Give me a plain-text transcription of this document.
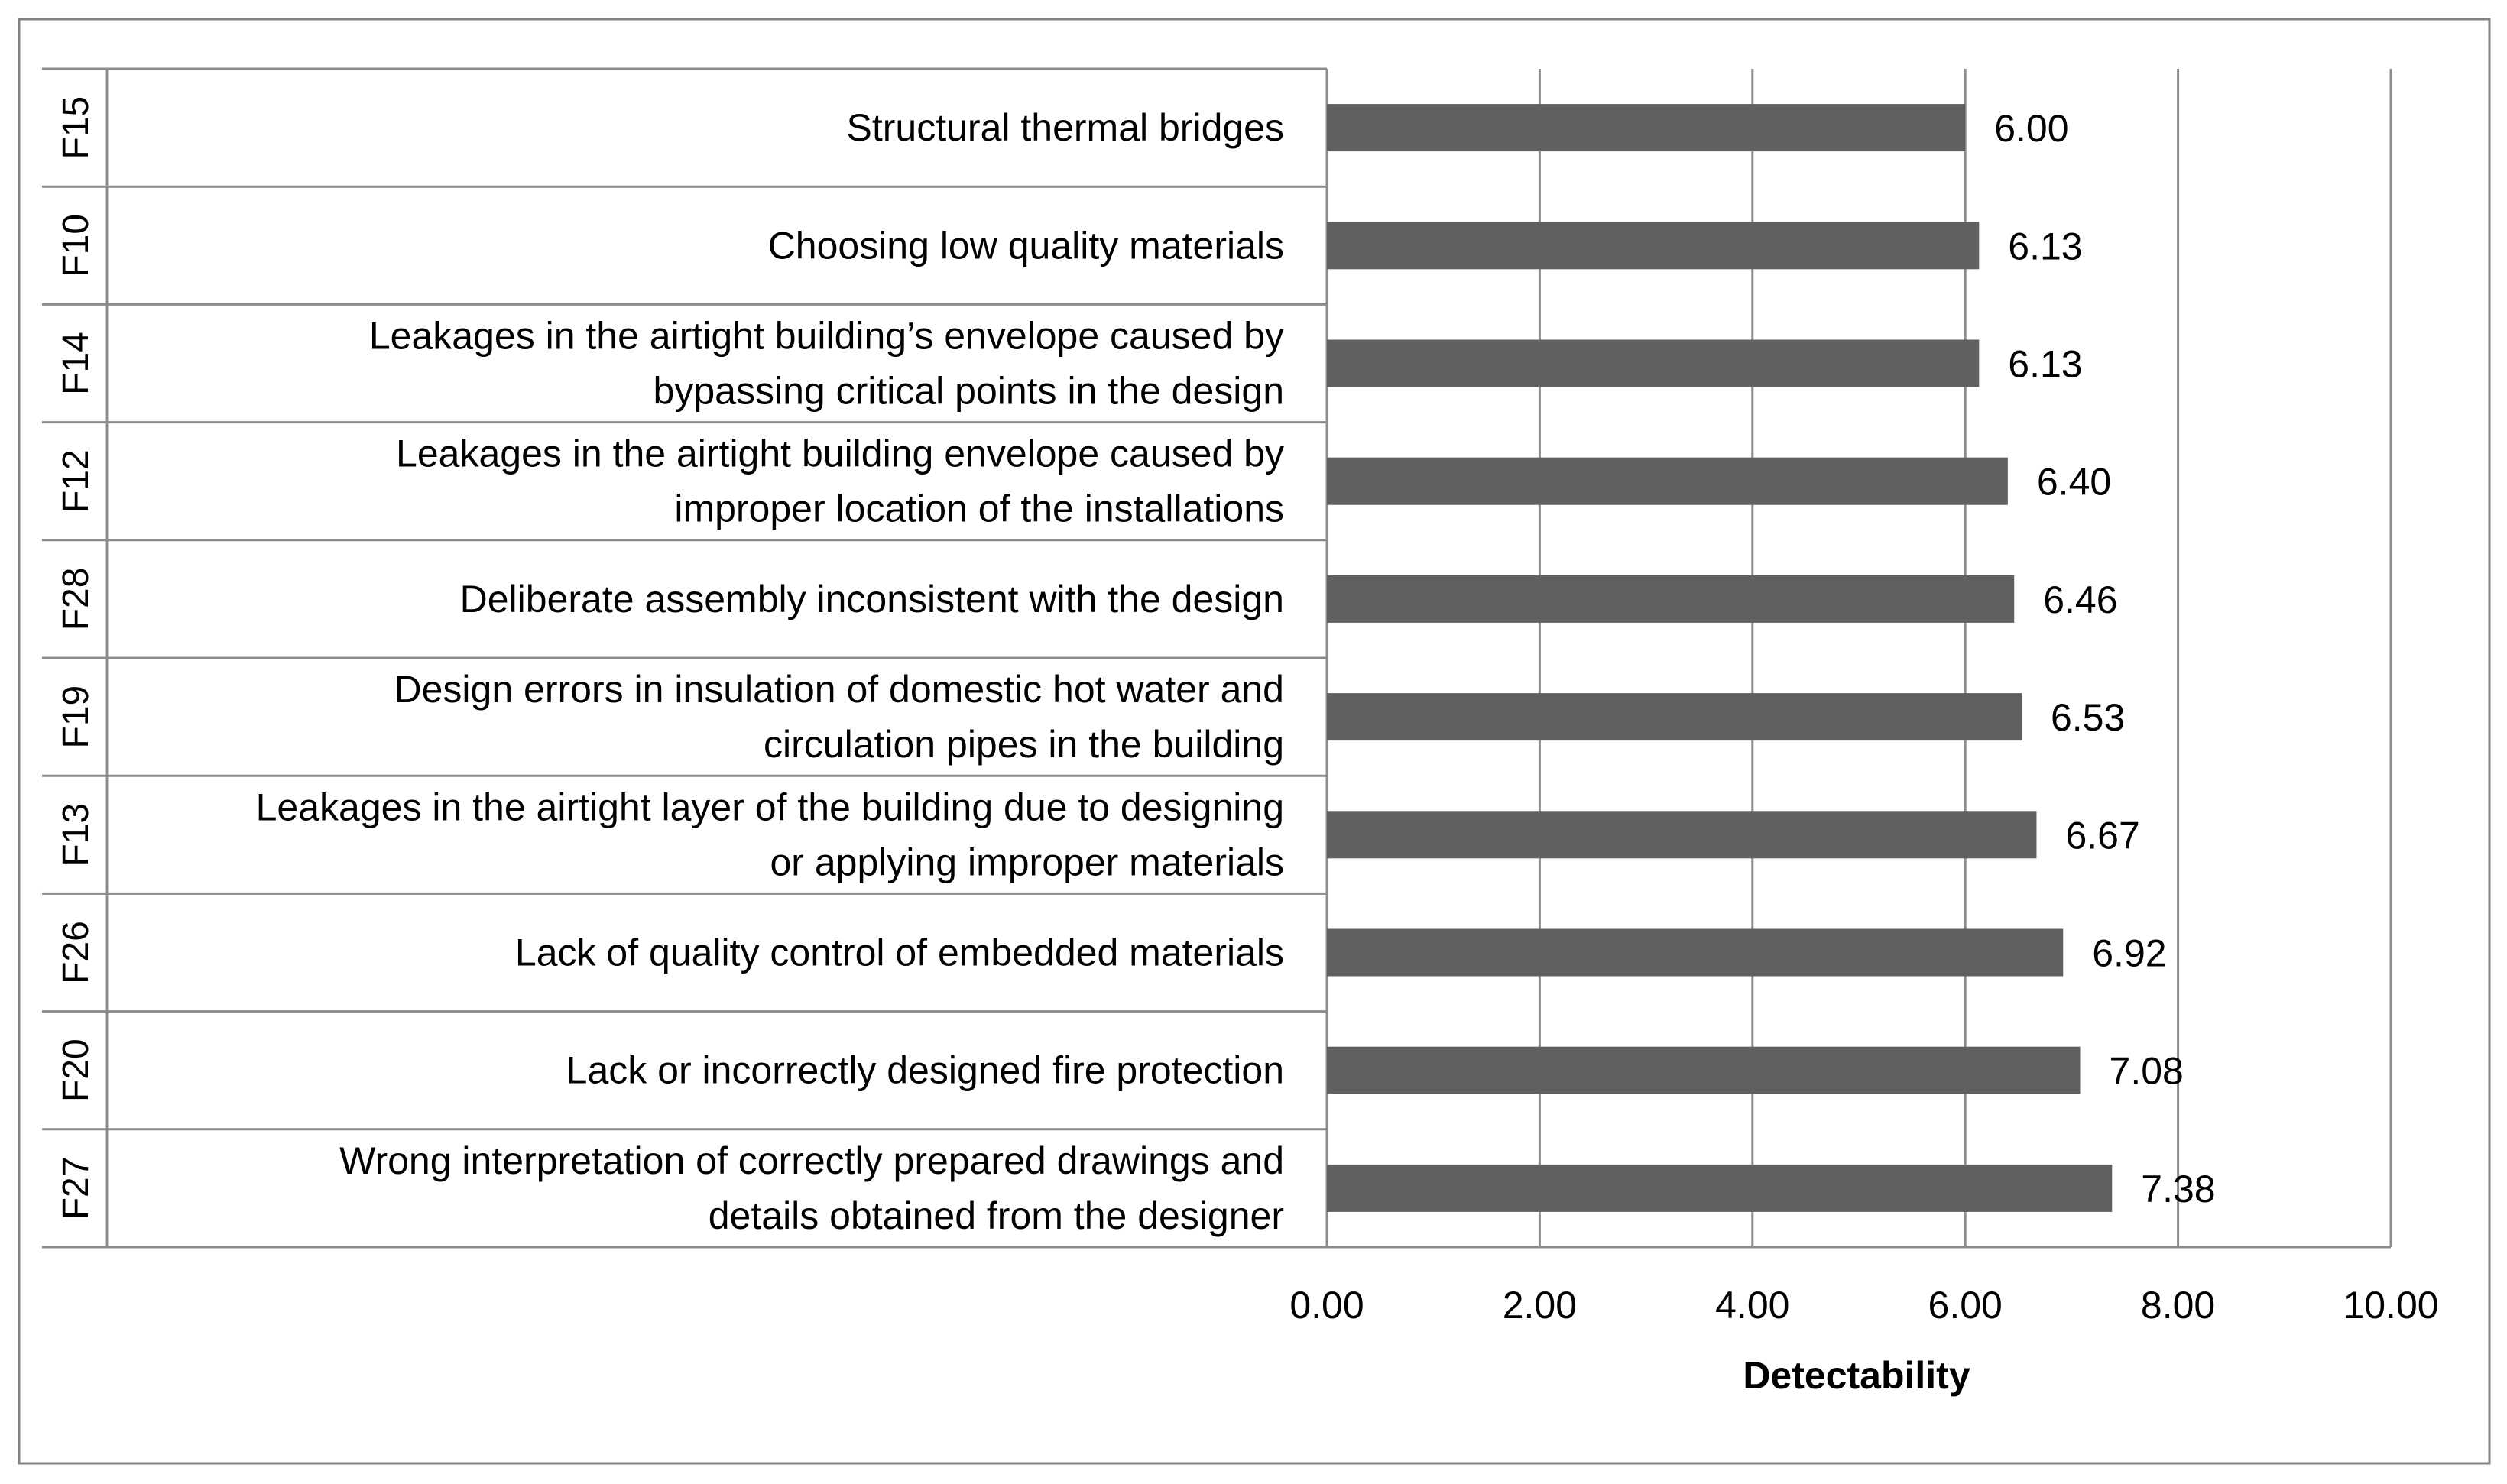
F15	Structural thermal bridges
F10	Choosing low quality materials
F14	Leakages in the airtight building’s envelope caused by
bypassing critical points in the design
F12	Leakages in the airtight building envelope caused by
improper location of the installations
F28	Deliberate assembly inconsistent with the design
F19	Design errors in insulation of domestic hot water and
circulation pipes in the building
F13	Leakages in the airtight layer of the building due to designing
or applying improper materials
F26	Lack of quality control of embedded materials
F20	Lack or incorrectly designed fire protection
F27	Wrong interpretation of correctly prepared drawings and
details obtained from the designer
6.00
6.13
6.13
6.40
6.46
6.53
6.67
6.92
7.08
7.38
0.00	2.00	4.00	6.00	8.00	10.00
Detectability
